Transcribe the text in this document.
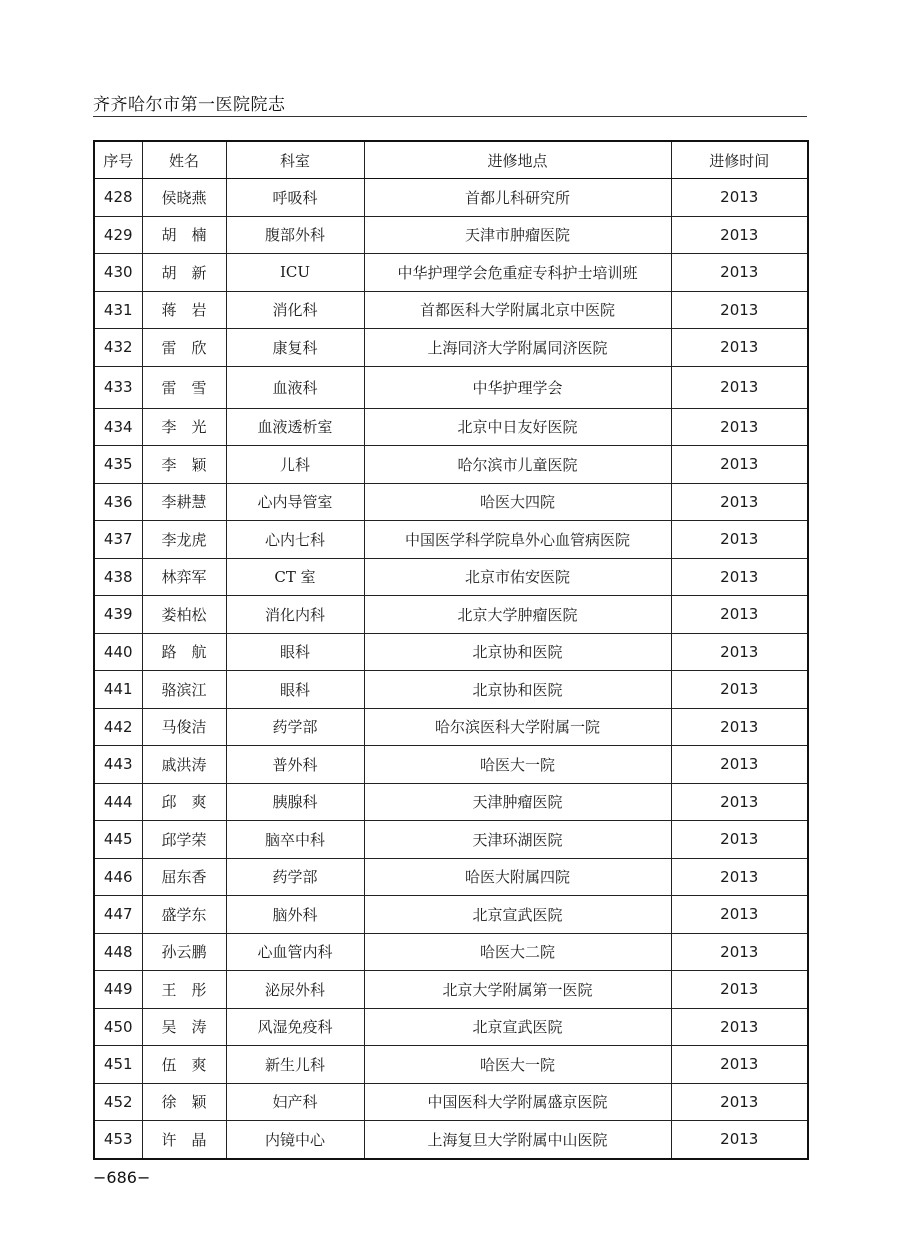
齐齐哈尔市第一医院院志
序号	姓名	科室	进修地点	进修时间
428	侯晓燕	呼吸科	首都儿科研究所	2013
429	胡　楠	腹部外科	天津市肿瘤医院	2013
430	胡　新	ICU	中华护理学会危重症专科护士培训班	2013
431	蒋　岩	消化科	首都医科大学附属北京中医院	2013
432	雷　欣	康复科	上海同济大学附属同济医院	2013
433	雷　雪	血液科	中华护理学会	2013
434	李　光	血液透析室	北京中日友好医院	2013
435	李　颖	儿科	哈尔滨市儿童医院	2013
436	李耕慧	心内导管室	哈医大四院	2013
437	李龙虎	心内七科	中国医学科学院阜外心血管病医院	2013
438	林弈军	CT 室	北京市佑安医院	2013
439	娄柏松	消化内科	北京大学肿瘤医院	2013
440	路　航	眼科	北京协和医院	2013
441	骆滨江	眼科	北京协和医院	2013
442	马俊洁	药学部	哈尔滨医科大学附属一院	2013
443	戚洪涛	普外科	哈医大一院	2013
444	邱　爽	胰腺科	天津肿瘤医院	2013
445	邱学荣	脑卒中科	天津环湖医院	2013
446	屈东香	药学部	哈医大附属四院	2013
447	盛学东	脑外科	北京宣武医院	2013
448	孙云鹏	心血管内科	哈医大二院	2013
449	王　彤	泌尿外科	北京大学附属第一医院	2013
450	吴　涛	风湿免疫科	北京宣武医院	2013
451	伍　爽	新生儿科	哈医大一院	2013
452	徐　颖	妇产科	中国医科大学附属盛京医院	2013
453	许　晶	内镜中心	上海复旦大学附属中山医院	2013
−686−
